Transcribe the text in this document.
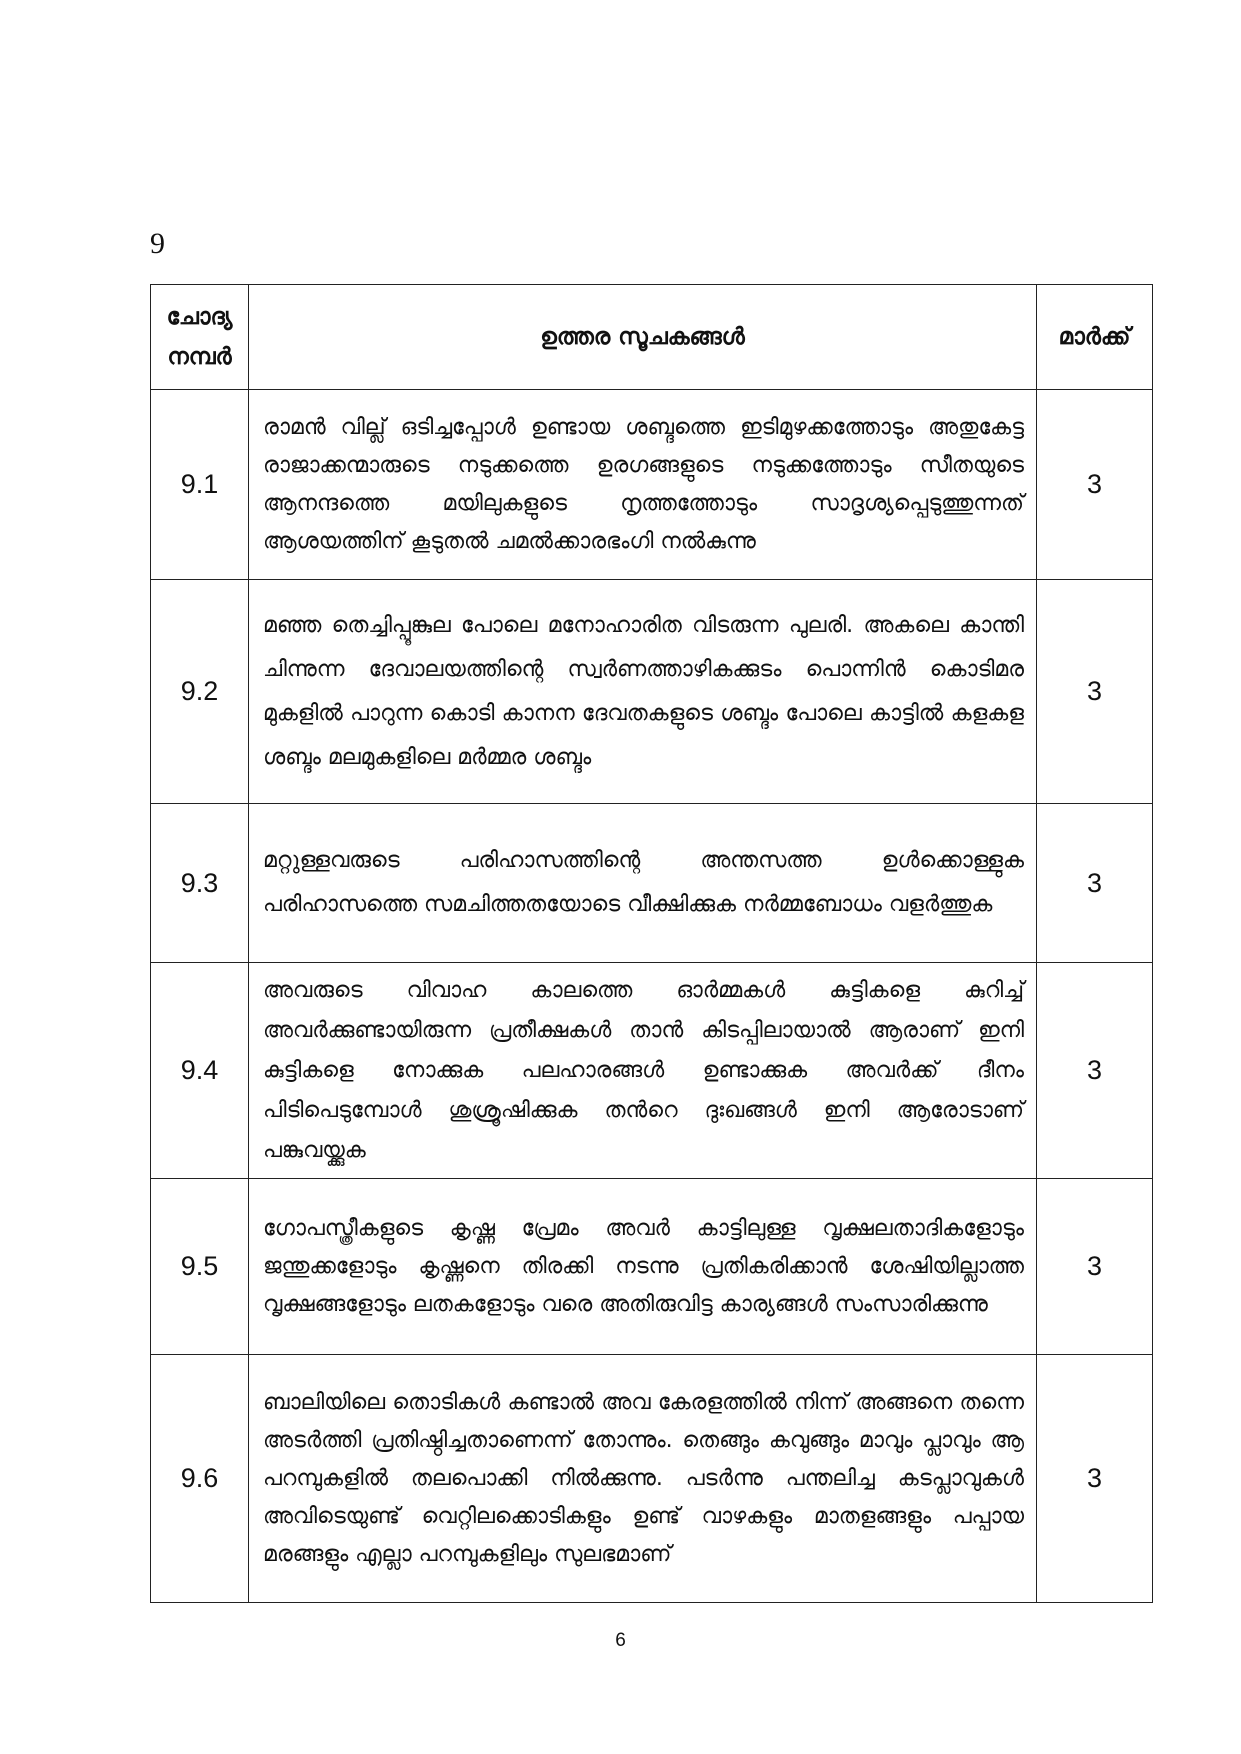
9
ചോദ്യ
നമ്പർ	ഉത്തര സൂചകങ്ങൾ	മാർക്ക്
9.1	രാമൻ വില്ല് ഒടിച്ചപ്പോൾ ഉണ്ടായ ശബ്ദത്തെ ഇടിമുഴക്കത്തോടും അതുകേട്ട രാജാക്കന്മാരുടെ നടുക്കത്തെ ഉരഗങ്ങളുടെ നടുക്കത്തോടും സീതയുടെ ആനന്ദത്തെ മയിലുകളുടെ നൃത്തത്തോടും സാദൃശ്യപ്പെടുത്തുന്നത് ആശയത്തിന് കൂടുതൽ ചമൽക്കാരഭംഗി നൽകുന്നു	3
9.2	മഞ്ഞ തെച്ചിപ്പൂങ്കുല പോലെ മനോഹാരിത വിടരുന്ന പുലരി. അകലെ കാന്തി ചിന്നുന്ന ദേവാലയത്തിന്റെ സ്വർണത്താഴികക്കുടം പൊന്നിൻ കൊടിമര മുകളിൽ പാറുന്ന കൊടി കാനന ദേവതകളുടെ ശബ്ദം പോലെ കാട്ടിൽ കളകള ശബ്ദം മലമുകളിലെ മർമ്മര ശബ്ദം	3
9.3	മറ്റുള്ളവരുടെ പരിഹാസത്തിന്റെ അന്തസത്ത ഉൾക്കൊള്ളുക പരിഹാസത്തെ സമചിത്തതയോടെ വീക്ഷിക്കുക നർമ്മബോധം വളർത്തുക	3
9.4	അവരുടെ വിവാഹ കാലത്തെ ഓർമ്മകൾ കുട്ടികളെ കുറിച്ച് അവർക്കുണ്ടായിരുന്ന പ്രതീക്ഷകൾ താൻ കിടപ്പിലായാൽ ആരാണ് ഇനി കുട്ടികളെ നോക്കുക പലഹാരങ്ങൾ ഉണ്ടാക്കുക അവർക്ക് ദീനം പിടിപെടുമ്പോൾ ശുശ്രൂഷിക്കുക തൻറെ ദുഃഖങ്ങൾ ഇനി ആരോടാണ് പങ്കുവയ്ക്കുക	3
9.5	ഗോപസ്ത്രീകളുടെ കൃഷ്ണ പ്രേമം അവർ കാട്ടിലുള്ള വൃക്ഷലതാദികളോടും ജന്തുക്കളോടും കൃഷ്ണനെ തിരക്കി നടന്നു പ്രതികരിക്കാൻ ശേഷിയില്ലാത്ത വൃക്ഷങ്ങളോടും ലതകളോടും വരെ അതിരുവിട്ട കാര്യങ്ങൾ സംസാരിക്കുന്നു	3
9.6	ബാലിയിലെ തൊടികൾ കണ്ടാൽ അവ കേരളത്തിൽ നിന്ന് അങ്ങനെ തന്നെ അടർത്തി പ്രതിഷ്ഠിച്ചതാണെന്ന് തോന്നും. തെങ്ങും കവുങ്ങും മാവും പ്ലാവും ആ പറമ്പുകളിൽ തലപൊക്കി നിൽക്കുന്നു. പടർന്നു പന്തലിച്ച കടപ്ലാവുകൾ അവിടെയുണ്ട് വെറ്റിലക്കൊടികളും ഉണ്ട് വാഴകളും മാതളങ്ങളും പപ്പായ മരങ്ങളും എല്ലാ പറമ്പുകളിലും സുലഭമാണ്	3
6
